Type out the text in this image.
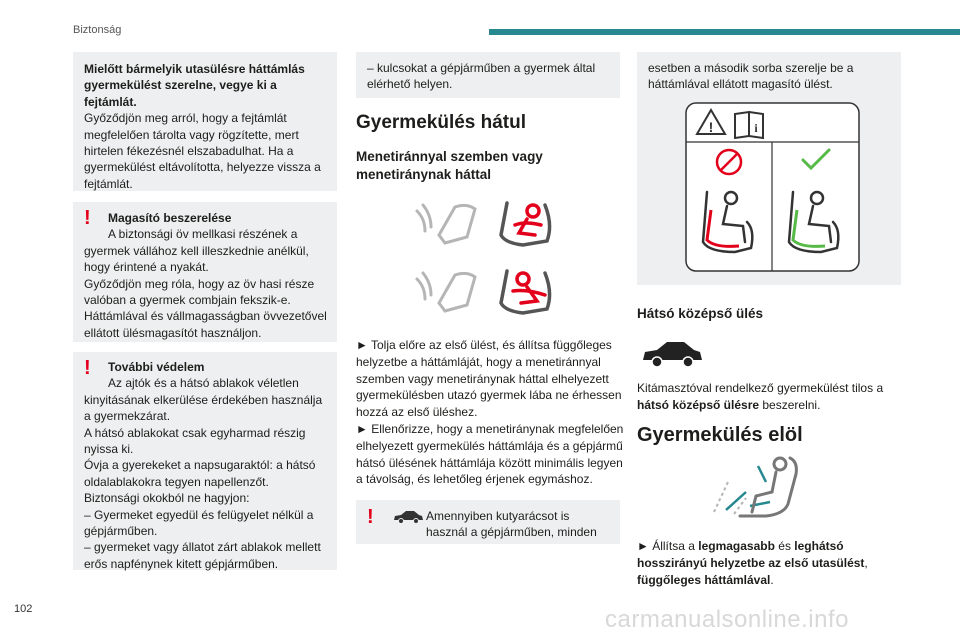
Biztonság

Mielőtt bármelyik utasülésre háttámlás gyermekülést szerelne, vegye ki a fejtámlát.

Győződjön meg arról, hogy a fejtámlát megfelelően tárolta vagy rögzítette, mert hirtelen fékezésnél elszabadulhat. Ha a gyermekülést eltávolította, helyezze vissza a fejtámlát.

!	Magasító beszerelése

A biztonsági öv mellkasi részének a gyermek vállához kell illeszkednie anélkül, hogy érintené a nyakát.

Győződjön meg róla, hogy az öv hasi része valóban a gyermek combjain fekszik-e.

Háttámlával és vállmagasságban övvezetővel ellátott ülésmagasítót használjon.

!	További védelem

Az ajtók és a hátsó ablakok véletlen kinyitásának elkerülése érdekében használja a gyermekzárat.

A hátsó ablakokat csak egyharmad részig nyissa ki.

Óvja a gyerekeket a napsugaraktól: a hátsó oldalablakokra tegyen napellenzőt.

Biztonsági okokból ne hagyjon:

– Gyermeket egyedül és felügyelet nélkül a gépjárműben.

– gyermeket vagy állatot zárt ablakok mellett erős napfénynek kitett gépjárműben.

– kulcsokat a gépjárműben a gyermek által elérhető helyen.

Gyermekülés hátul
Menetiránnyal szemben vagy menetiránynak háttal
► Tolja előre az első ülést, és állítsa függőleges helyzetbe a háttámláját, hogy a menetiránnyal szemben vagy menetiránynak háttal elhelyezett gyermekülésben utazó gyermek lába ne érhessen hozzá az első üléshez.
► Ellenőrizze, hogy a menetiránynak megfelelően elhelyezett gyermekülés háttámlája és a gépjármű hátsó ülésének háttámlája között minimális legyen a távolság, és lehetőleg érjenek egymáshoz.
!	Amennyiben kutyarácsot is használ a gépjárműben, minden

esetben a második sorba szerelje be a háttámlával ellátott magasító ülést.

!	i
Hátsó középső ülés
Kitámasztóval rendelkező gyermekülést tilos a hátsó középső ülésre beszerelni.
Gyermekülés elöl
► Állítsa a legmagasabb és leghátsó hosszirányú helyzetbe az első utasülést, függőleges háttámlával.
102	carmanualsonline.info
